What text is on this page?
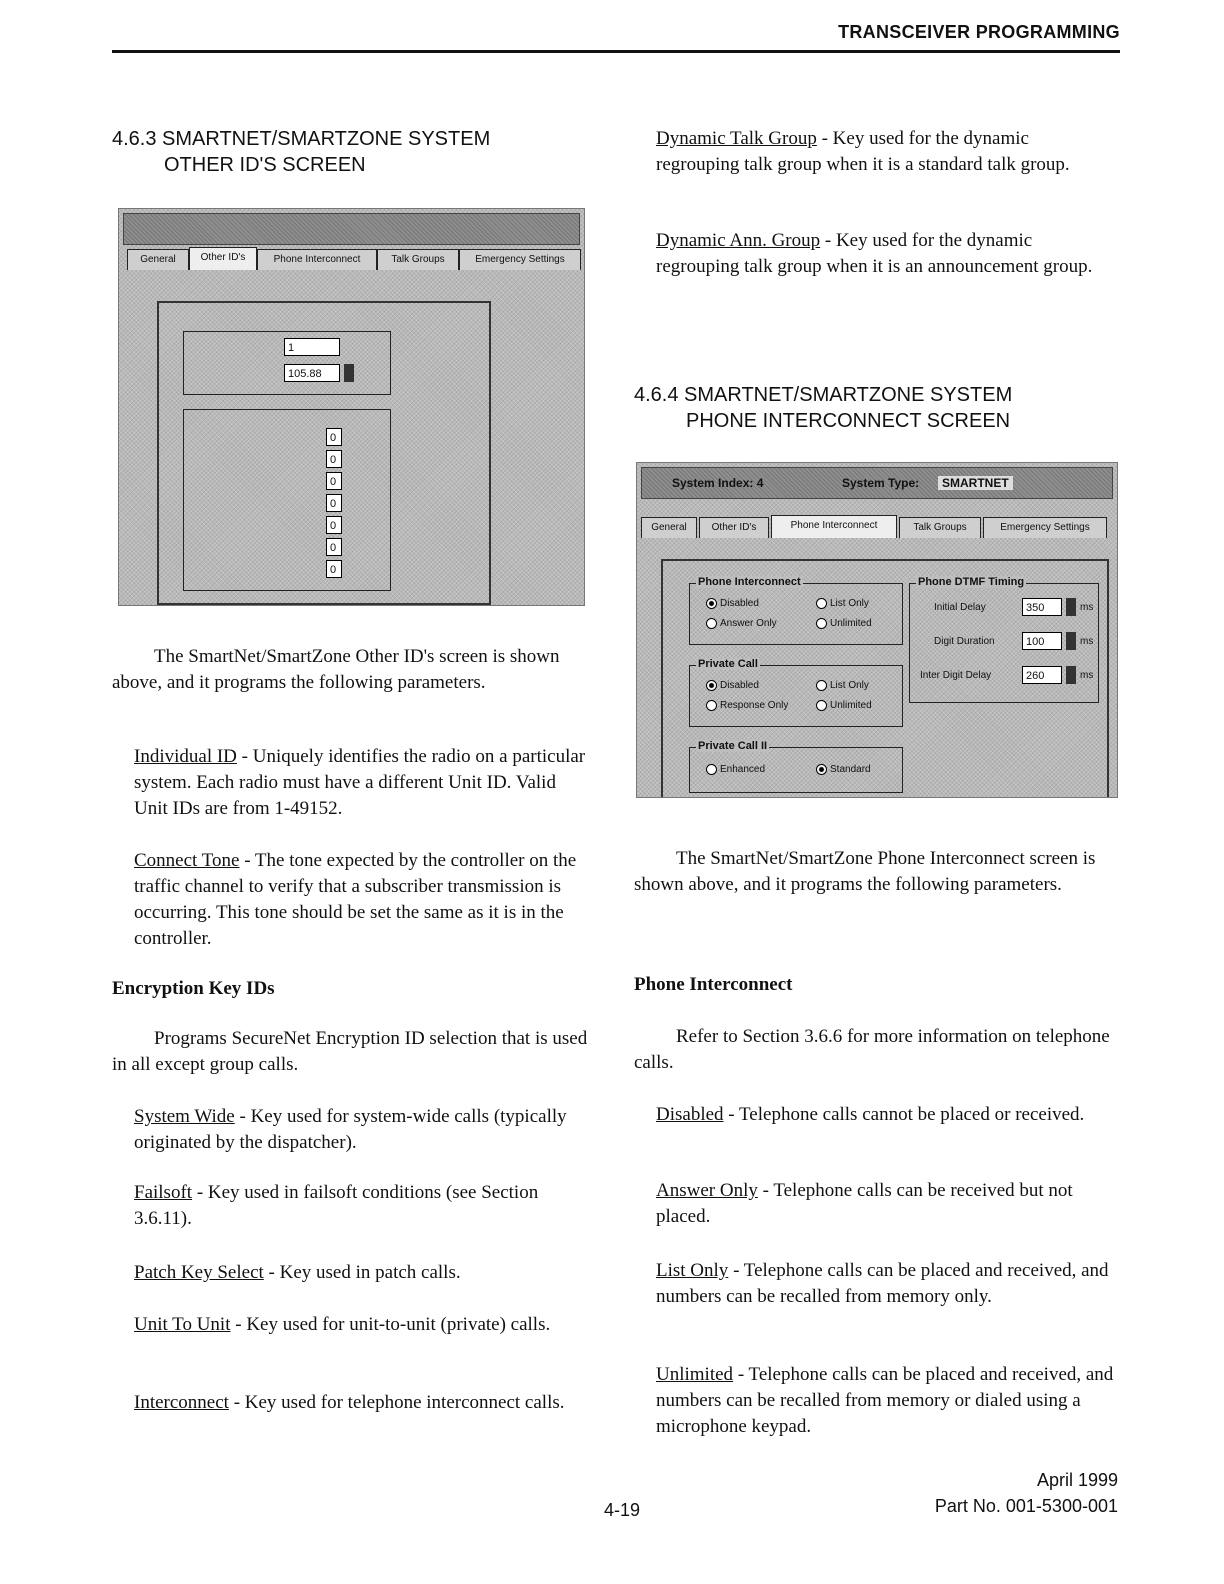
TRANSCEIVER PROGRAMMING
4.6.3 SMARTNET/SMARTZONE SYSTEM
OTHER ID'S SCREEN
General	Other ID's	Phone Interconnect	Talk Groups	Emergency Settings
1
105.88
0
0
0
0
0
0
0
The SmartNet/SmartZone Other ID's screen is shown above, and it programs the following parameters.
Individual ID - Uniquely identifies the radio on a particular system. Each radio must have a different Unit ID. Valid Unit IDs are from 1-49152.
Connect Tone - The tone expected by the controller on the traffic channel to verify that a subscriber transmission is occurring. This tone should be set the same as it is in the controller.
Encryption Key IDs
Programs SecureNet Encryption ID selection that is used in all except group calls.
System Wide - Key used for system-wide calls (typically originated by the dispatcher).
Failsoft - Key used in failsoft conditions (see Section 3.6.11).
Patch Key Select - Key used in patch calls.
Unit To Unit - Key used for unit-to-unit (private) calls.
Interconnect - Key used for telephone interconnect calls.
Dynamic Talk Group - Key used for the dynamic regrouping talk group when it is a standard talk group.
Dynamic Ann. Group - Key used for the dynamic regrouping talk group when it is an announcement group.
4.6.4 SMARTNET/SMARTZONE SYSTEM
PHONE INTERCONNECT SCREEN
System Index: 4	System Type:	SMARTNET
General	Other ID's	Phone Interconnect	Talk Groups	Emergency Settings
Phone Interconnect
Disabled	List Only
Answer Only	Unlimited
Private Call
Disabled	List Only
Response Only	Unlimited
Private Call II
Enhanced	Standard
Phone DTMF Timing
Initial Delay	350	ms
Digit Duration	100	ms
Inter Digit Delay	260	ms
The SmartNet/SmartZone Phone Interconnect screen is shown above, and it programs the following parameters.
Phone Interconnect
Refer to Section 3.6.6 for more information on telephone calls.
Disabled - Telephone calls cannot be placed or received.
Answer Only - Telephone calls can be received but not placed.
List Only - Telephone calls can be placed and received, and numbers can be recalled from memory only.
Unlimited - Telephone calls can be placed and received, and numbers can be recalled from memory or dialed using a microphone keypad.
4-19
April 1999
Part No. 001-5300-001
